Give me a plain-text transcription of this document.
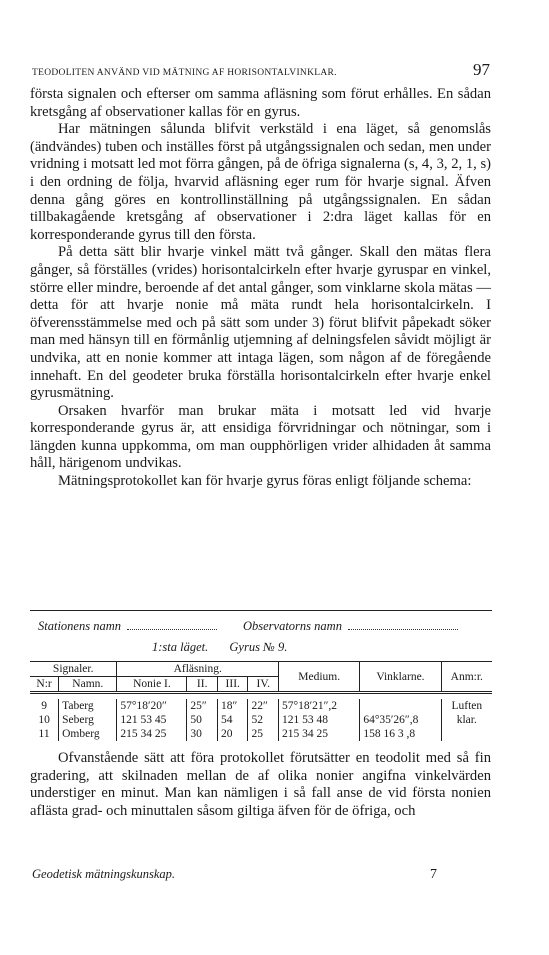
TEODOLITEN ANVÄND VID MÄTNING AF HORISONTALVINKLAR.	97

första signalen och efterser om samma afläsning som förut erhålles. En sådan kretsgång af observationer kallas för en gyrus.

Har mätningen sålunda blifvit verkstäld i ena läget, så genomslås (ändvändes) tuben och inställes först på utgångssignalen och sedan, men under vridning i motsatt led mot förra gången, på de öfriga signalerna (s, 4, 3, 2, 1, s) i den ordning de följa, hvarvid afläsning eger rum för hvarje signal. Äfven denna gång göres en kontrollinställning på utgångssignalen. En sådan tillbakagående kretsgång af observationer i 2:dra läget kallas för en korresponderande gyrus till den första.

På detta sätt blir hvarje vinkel mätt två gånger. Skall den mätas flera gånger, så förställes (vrides) horisontalcirkeln efter hvarje gyruspar en vinkel, större eller mindre, beroende af det antal gånger, som vinklarne skola mätas — detta för att hvarje nonie må mäta rundt hela horisontalcirkeln. I öfverensstämmelse med och på sätt som under 3) förut blifvit påpekadt söker man med hänsyn till en förmånlig utjemning af delningsfelen såvidt möjligt är undvika, att en nonie kommer att intaga lägen, som någon af de föregående innehaft. En del geodeter bruka förställa horisontalcirkeln efter hvarje enkel gyrusmätning.

Orsaken hvarför man brukar mäta i motsatt led vid hvarje korresponderande gyrus är, att ensidiga förvridningar och nötningar, som i längden kunna uppkomma, om man oupphörligen vrider alhidaden åt samma håll, härigenom undvikas.

Mätningsprotokollet kan för hvarje gyrus föras enligt följande schema:

Stationens namn	Observatorns namn
1:sta läget. Gyrus № 9.
Signaler.		Afläsning.				Medium.	Vinklarne.	Anm:r.
N:r	Namn.	Nonie I.	II.	III.	IV.			

9	Taberg	57°18′20″	25″	18″	22″	57°18′21″,2		Luften
10	Seberg	121 53 45	50	54	52	121 53 48	64°35′26″,8	klar.
11	Omberg	215 34 25	30	20	25	215 34 25	158 16 3 ,8	

Ofvanstående sätt att föra protokollet förutsätter en teodolit med så fin gradering, att skilnaden mellan de af olika nonier angifna vinkelvärden understiger en minut. Man kan nämligen i så fall anse de vid första nonien aflästa grad- och minuttalen såsom giltiga äfven för de öfriga, och

Geodetisk mätningskunskap.	7
